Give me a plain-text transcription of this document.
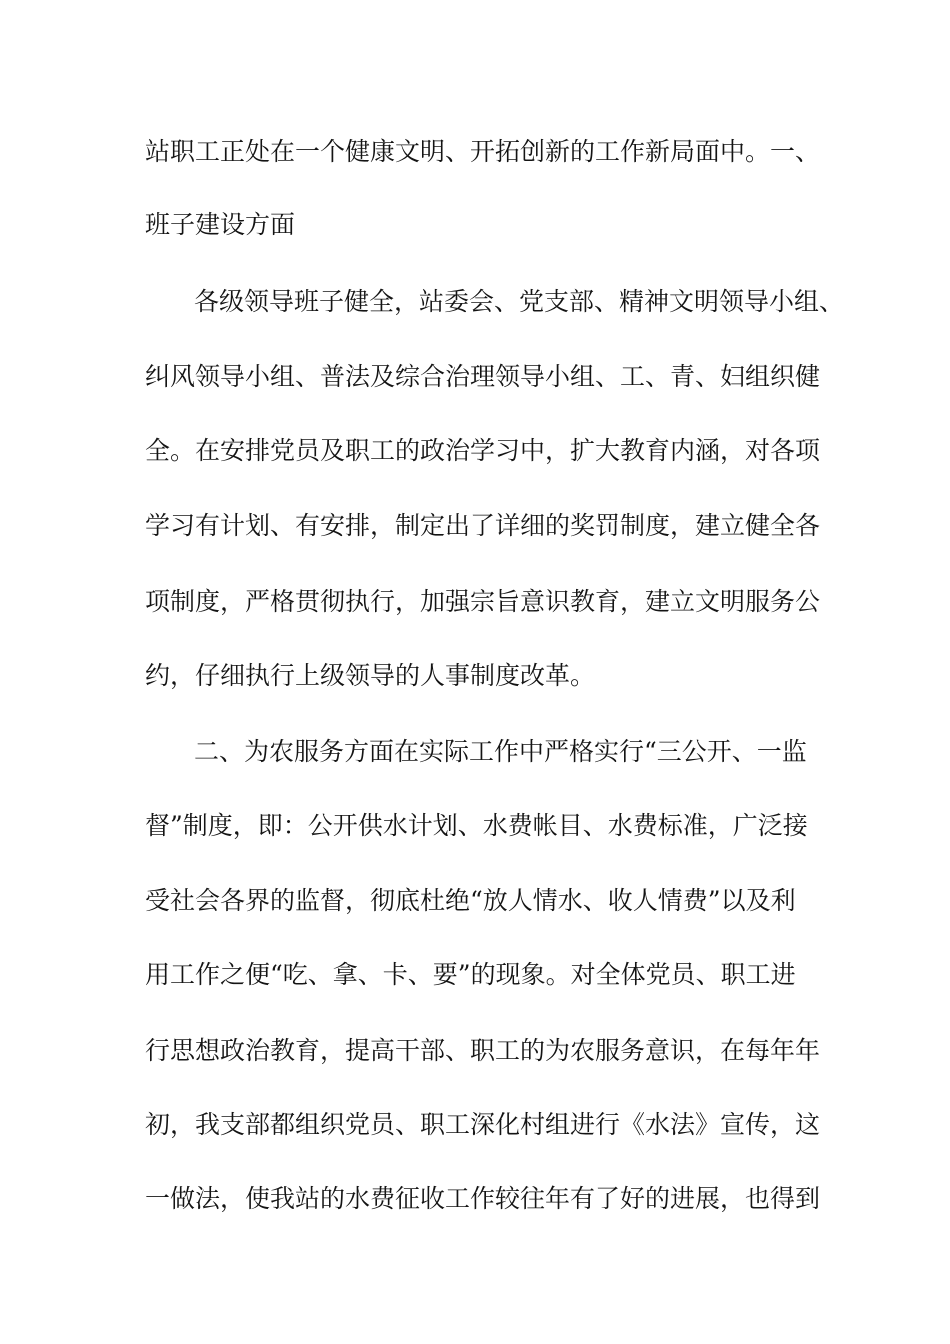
站职工正处在一个健康文明、开拓创新的工作新局面中。一、
班子建设方面
各级领导班子健全，站委会、党支部、精神文明领导小组、
纠风领导小组、普法及综合治理领导小组、工、青、妇组织健
全。在安排党员及职工的政治学习中，扩大教育内涵，对各项
学习有计划、有安排，制定出了详细的奖罚制度，建立健全各
项制度，严格贯彻执行，加强宗旨意识教育，建立文明服务公
约，仔细执行上级领导的人事制度改革。
二、为农服务方面在实际工作中严格实行“三公开、一监
督”制度，即：公开供水计划、水费帐目、水费标准，广泛接
受社会各界的监督，彻底杜绝“放人情水、收人情费”以及利
用工作之便“吃、拿、卡、要”的现象。对全体党员、职工进
行思想政治教育，提高干部、职工的为农服务意识，在每年年
初，我支部都组织党员、职工深化村组进行《水法》宣传，这
一做法，使我站的水费征收工作较往年有了好的进展，也得到
